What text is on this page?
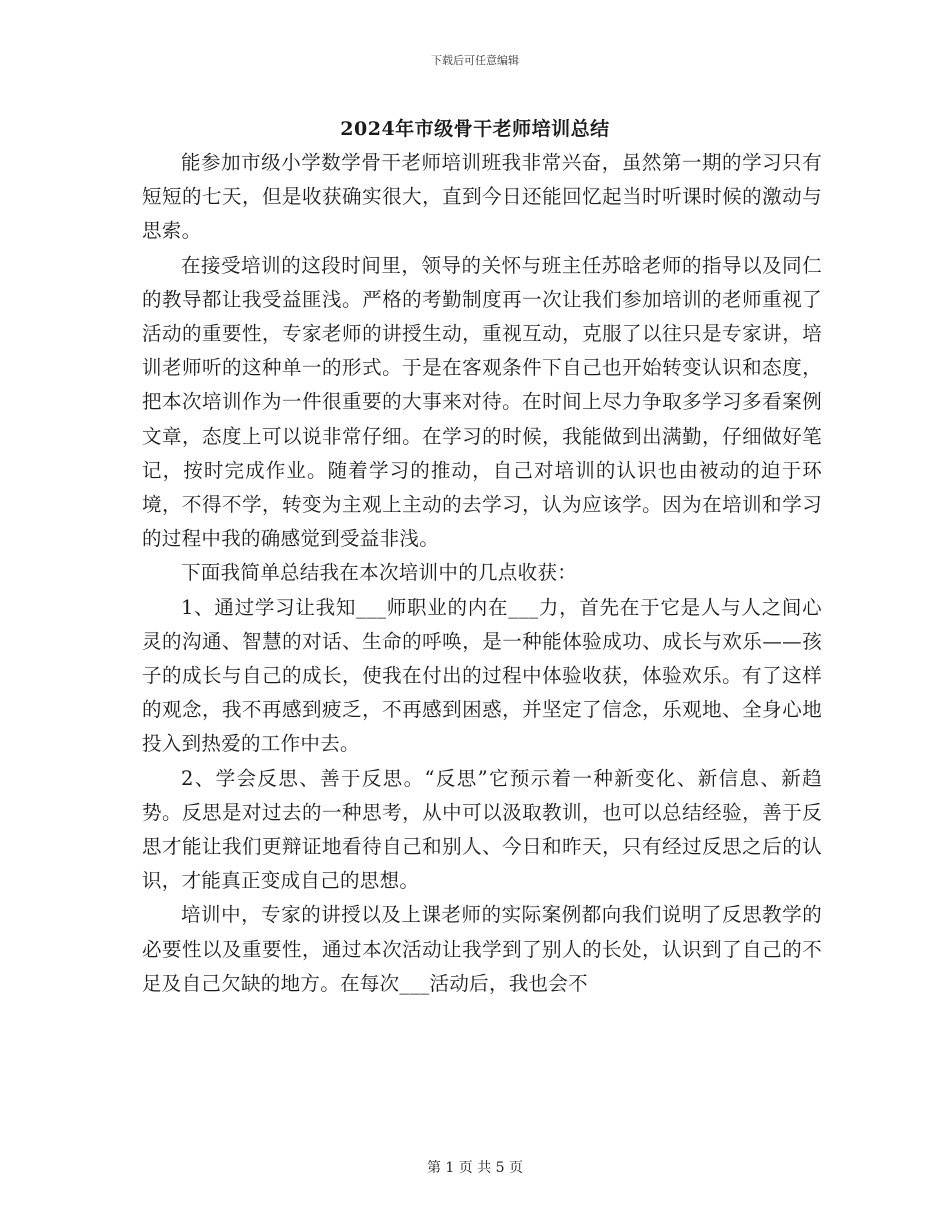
下载后可任意编辑
2024年市级骨干老师培训总结

能参加市级小学数学骨干老师培训班我非常兴奋，虽然第一期的学习只有短短的七天，但是收获确实很大，直到今日还能回忆起当时听课时候的激动与思索。

在接受培训的这段时间里，领导的关怀与班主任苏晗老师的指导以及同仁的教导都让我受益匪浅。严格的考勤制度再一次让我们参加培训的老师重视了活动的重要性，专家老师的讲授生动，重视互动，克服了以往只是专家讲，培训老师听的这种单一的形式。于是在客观条件下自己也开始转变认识和态度，把本次培训作为一件很重要的大事来对待。在时间上尽力争取多学习多看案例文章，态度上可以说非常仔细。在学习的时候，我能做到出满勤，仔细做好笔记，按时完成作业。随着学习的推动，自己对培训的认识也由被动的迫于环境，不得不学，转变为主观上主动的去学习，认为应该学。因为在培训和学习的过程中我的确感觉到受益非浅。

下面我简单总结我在本次培训中的几点收获：

1、通过学习让我知___师职业的内在___力，首先在于它是人与人之间心灵的沟通、智慧的对话、生命的呼唤，是一种能体验成功、成长与欢乐——孩子的成长与自己的成长，使我在付出的过程中体验收获，体验欢乐。有了这样的观念，我不再感到疲乏，不再感到困惑，并坚定了信念，乐观地、全身心地投入到热爱的工作中去。

2、学会反思、善于反思。“反思”它预示着一种新变化、新信息、新趋势。反思是对过去的一种思考，从中可以汲取教训，也可以总结经验，善于反思才能让我们更辩证地看待自己和别人、今日和昨天，只有经过反思之后的认识，才能真正变成自己的思想。

培训中，专家的讲授以及上课老师的实际案例都向我们说明了反思教学的必要性以及重要性，通过本次活动让我学到了别人的长处，认识到了自己的不足及自己欠缺的地方。在每次___活动后，我也会不

第 1 页 共 5 页
